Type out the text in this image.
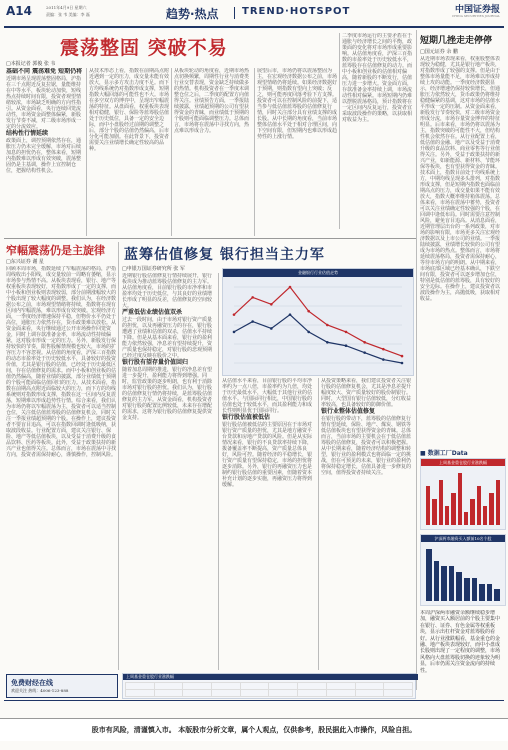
A14	2011年4月9日 星期六
责编：张 韦 美编：李 磊	趋势·热点 TREND·HOTSPOT	中国证券报
CHINA SECURITIES JOURNAL
震荡整固 突破不易
□本报记者 郭俊 张 韦
基础不同 震荡难免 短期仍将
近期市场呈现震荡整固格局，沪指在三千点附近反复拉锯，量能维持在中等水平，板块轮动加快，短线热点持续时间有限，投资者观望情绪较浓，市场缺乏明确的方向性指引。从资金面看，央行连续回笼流动性，市场资金面整体偏紧，新股发行节奏不减，对二级市场形成一定的分流效应。
结构性行情延续
政策面上，调控预期依然存在，通胀压力仍未完全缓解，市场对后续加息的担忧仍在，整体来看，短期内指数难以形成有效突破，震荡整固仍是主基调，操作上宜控制仓位，把握结构性机会。
从技术形态上看，指数在前期高点附近遇到一定的压力，成交量未能有效放大，显示多方攻击力度不足。而下方均线系统仍对指数形成支撑，短期指数大幅回落的可能性也不大。市场在多空双方的博弈中，呈现出窄幅震荡的特征。从盘面看，权重板块表现相对稳健，银行、保险等蓝筹股估值处于历史低位，具备一定的安全边际，而中小盘股经过前期的调整之后，部分个股的估值仍然偏高，后市分化可能加剧。在此背景下，投资者需要关注业绩增长确定性较高的品种。
从板块轮动的角度看，近期市场热点切换频繁，周期性行业与消费类行业交替表现，资金缺乏持续做多的热情。机构投资者在一季度末调整仓位之后，二季度的配置方向值得关注。业绩预告方面，一季报陆续披露，业绩超预期的公司有望获得资金的青睐，而业绩低于预期的个股则可能面临调整压力。总体而言，市场将在震荡中寻找方向，热点难以形成合力。
展望后市，市场仍将以震荡整固为主，在宏观经济数据公布之前，市场观望情绪仍将延续。如果经济数据好于预期，则指数有望向上突破；反之，则可能再度回落考验下方支撑。投资者可以在控制风险的前提下，适当参与低估值蓝筹股的估值修复行情，同时关注部分具有业绩支撑的成长股。从中长期的角度看，当前市场整体估值水平处于相对合理区间，向下空间有限，但短期内也难以形成趋势性的上涨行情。
二季度市场运行的主要矛盾在于通胀与经济增长之间的平衡，政策面的变化将对市场形成重要影响。从估值角度看，沪深三百指数的市盈率处于历史较低水平，蓝筹股存在估值修复的动力。而中小板和创业板的估值相对偏高，随着新股的不断发行，估值压力进一步增大。资金面方面，存款准备金率持续上调，市场流动性相对偏紧。市场短期内仍难以摆脱震荡格局，预计指数将在一定区间内反复运行，投资者宜采取波段操作的策略，以获取相对收益为主。
短期几挫走走停停
□国元证券 余 鹏
从近期市场表现来看，权重股整体表现较为稳健，尤其是银行地产板块，对指数形成了较强的支撑。但是由于整体市场量能不足，市场难以形成持续上攻的动能。一季度经济数据显示，经济增速仍保持较快增长，但通胀压力依然较大，货币政策仍将维持稳健偏紧的基调，这对市场的估值水平形成一定的压制。从资金面来看，新股发行节奏较快，对二级市场资金形成分流，市场存量资金博弈的特征明显。后市来看，市场仍将以震荡为主，指数突破的可能性不大，但结构性机会依然存在。从行业配置上看，低估值的金融、地产以及受益于消费升级的食品饮料、商业零售等行业值得关注。另外，受益于政策扶持的新兴产业，如新能源、新材料、节能环保等板块，也有望获得资金的青睐。技术面上，指数目前处于均线系统上方，中期均线呈现多头排列，对指数形成支撑，但是短期内指数也面临前期高点的压力，成交量如果不能有效放大，指数大概率维持箱体震荡。总体来看，市场在震荡中蓄势，投资者可以关注业绩确定性较强的个股，在回调中逢低布局。同时需要注意控制风险，避免盲目追高。从消息面看，近期管理层出台的一系列政策，对市场的影响有限，市场更多关注宏观经济数据以及上市公司的业绩。一季报陆续披露，业绩增长较快的公司有望成为市场的热点。整体而言，市场将延续震荡格局，投资者需保持耐心，等待市场方向的明朗。从中期来看，市场底部区域已经基本确认，下跌空间有限，投资者可以逐步增加仓位，特别是低估值的蓝筹股，具有较好的安全边际。在操作上，建议投资者以波段操作为主，高抛低吸，获取相对收益。
■ 数据工厂Data
上周基金重仓股行业涨跌幅
沪深两市融资买入额前10名个股
本周沪深两市融资余额继续稳步增加，融资买入额居前的个股主要集中在银行、证券、有色金属等权重板块，显示出杠杆资金对蓝筹股的看好。从行业涨跌幅看，基金重仓的金融、地产板块表现较好，而中小盘成长股则出现了一定程度的调整，市场风格向大盘蓝筹股切换的迹象较为明显，后市仍需关注资金流向的持续性。
窄幅震荡仍是主旋律
□东兴证券 谢 星
回顾本周市场，指数延续了窄幅震荡的格局，沪指周线收出小阳线，成交量较前一周略有萎缩，显示市场参与热情不高。从板块表现看，银行、地产等权重板块表现较好，对指数形成了一定的支撑，而中小板和创业板则表现较弱，部分前期涨幅较大的个股出现了较大幅度的调整。我们认为，在经济数据公布之前，市场观望情绪将持续，指数将在现有区间内窄幅震荡，难以形成有效突破。宏观经济方面，一季度经济增速保持平稳，但物价水平仍处于高位，通胀压力依然存在，货币政策难以放松。从资金面来看，央行继续通过公开市场操作回笼资金，同时上调存款准备金率，市场流动性持续偏紧，这对股市形成一定的压力。另外，新股发行保持较快的节奏，限售股解禁规模也较大，市场的扩容压力不容忽视。从估值的角度看，沪深三百指数的动态市盈率处于历史较低水平，具备较好的投资价值，尤其是银行股的估值，已经处于历史最低区间，存在估值修复的需求。而中小板和创业板的估值仍然偏高，随着业绩的披露，部分业绩低于预期的个股可能面临估值回归的压力。从技术面看，指数在前期高点附近面临较大的压力，而下方的均线系统则对指数形成支撑，指数在这一区间内反复震荡，短期难以形成趋势性行情。综合来看，我们认为市场仍将以窄幅震荡为主，投资者可以适当控制仓位，关注低估值蓝筹股的估值修复机会，同时关注一季报业绩超预期的个股。在操作上，建议投资者不要盲目追高，可以在指数回调时逢低吸纳，获取波段收益。行业配置方面，建议关注银行、保险、地产等低估值板块，以及受益于消费升级的食品饮料、医药等板块。此外，受益于政策扶持的新兴产业也值得关注。总体而言，市场在震荡中寻找方向，投资者需保持耐心，谨慎操作，控制风险。
蓝筹估值修复 银行担当主力军
□申银万国证券研究所 张 军
近期银行股估值修复行情持续展开，银行板块成为推动蓝筹股估值修复的主力军。从估值角度看，目前银行股的市净率和市盈率均处于历史低位，与其良好的业绩增长形成了明显的反差，估值修复的空间较大。
严重低估业绩估值双杀
过去一段时间，由于市场对银行资产质量的担忧，以及再融资压力的存在，银行股遭遇了业绩和估值的双杀，估值水平持续下降。但是从基本面来看，银行业的盈利能力依然较强，净息差有望持续提升，资产质量也保持稳定，对银行股的悲观预期已经过度反映在股价之中。
银行股有望存量价值回归
随着加息周期的推进，银行的净息差有望进一步提升，盈利能力将得到增强。同时，监管政策的逐步明朗，也有利于消除市场对银行股的担忧。我们认为，银行股的估值修复行情仍将持续，是蓝筹股估值修复的主力军。从资金面看，机构投资者对银行股的配置比例较低，未来存在增配的需求，这将为银行股的估值修复提供资金支持。
金融银行行业估值走势
从估值水平来看，目前银行股的平均市净率约为一点八倍，市盈率约为九倍，均处于历史最低水平，大幅低于其他行业的估值水平。与国际同行相比，中国银行股的估值也处于较低水平，而其盈利能力和成长性则明显优于国际同行。
银行股估值被低估
银行股估值被低估的主要原因在于市场对银行资产质量的担忧，尤其是地方融资平台贷款和房地产贷款的风险。但是从实际情况来看，银行的不良贷款率持续下降，拨备覆盖率不断提高，资产质量总体良好，风险可控。随着经济的平稳增长，银行资产质量有望保持稳定，市场的担忧将逐步消除。另外，银行的再融资压力也是制约银行股估值的重要因素，但随着资本补充计划的逐步实施，再融资压力将得到缓解。
从投资策略来看，我们建议投资者关注银行股的估值修复机会，尤其是净息差提升幅度较大、资产质量较好的股份制银行。同时，大型国有银行估值较低，分红收益率较高，也具备较好的防御价值。
银行业整体估值修复
在银行股的带动下，蓝筹股的估值修复行情有望延续，保险、地产、煤炭、钢铁等低估值板块也有望获得资金的青睐。总体而言，当前市场的主要机会在于低估值蓝筹股的估值修复，投资者可以积极把握。从中长期来看，随着经济结构的调整和转型，银行业的盈利模式也将面临一定的挑战，但在可预见的未来，银行业的盈利仍将保持稳定增长，估值具备进一步修复的空间，值得投资者持续关注。
上周基金重仓股行业涨跌幅

免费财经在线
欢迎关注 热线：4006-123-888
股市有风险，清谨慎入市。 本版股市分析文章，属个人观点，仅供参考，股民据此入市操作，风险自担。
